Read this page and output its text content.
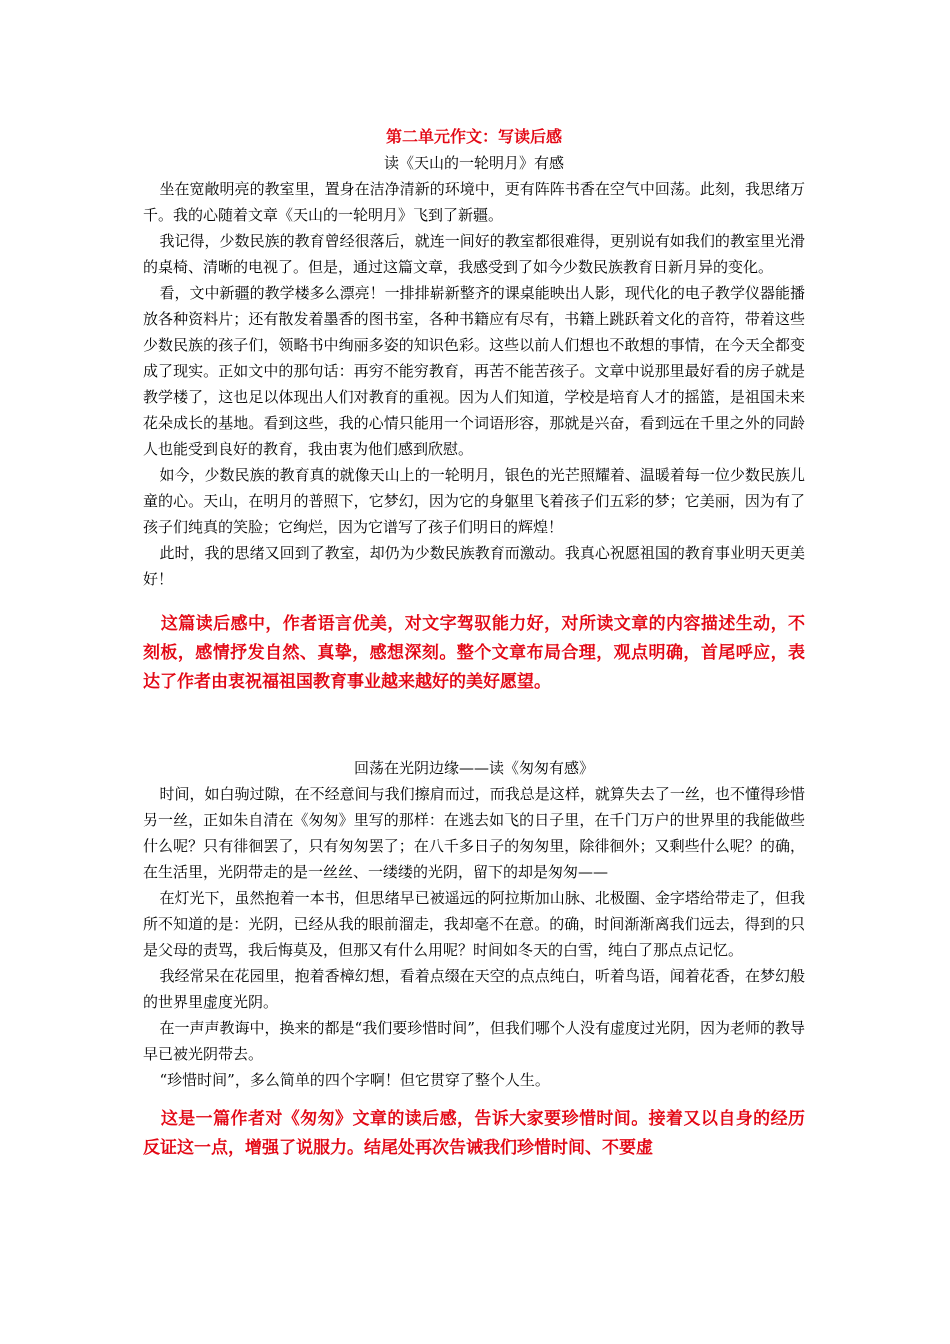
第二单元作文：写读后感

读《天山的一轮明月》有感

坐在宽敞明亮的教室里，置身在洁净清新的环境中，更有阵阵书香在空气中回荡。此刻，我思绪万千。我的心随着文章《天山的一轮明月》飞到了新疆。

我记得，少数民族的教育曾经很落后，就连一间好的教室都很难得，更别说有如我们的教室里光滑的桌椅、清晰的电视了。但是，通过这篇文章，我感受到了如今少数民族教育日新月异的变化。

看，文中新疆的教学楼多么漂亮！一排排崭新整齐的课桌能映出人影，现代化的电子教学仪器能播放各种资料片；还有散发着墨香的图书室，各种书籍应有尽有，书籍上跳跃着文化的音符，带着这些少数民族的孩子们，领略书中绚丽多姿的知识色彩。这些以前人们想也不敢想的事情，在今天全都变成了现实。正如文中的那句话：再穷不能穷教育，再苦不能苦孩子。文章中说那里最好看的房子就是教学楼了，这也足以体现出人们对教育的重视。因为人们知道，学校是培育人才的摇篮，是祖国未来花朵成长的基地。看到这些，我的心情只能用一个词语形容，那就是兴奋，看到远在千里之外的同龄人也能受到良好的教育，我由衷为他们感到欣慰。

如今，少数民族的教育真的就像天山上的一轮明月，银色的光芒照耀着、温暖着每一位少数民族儿童的心。天山，在明月的普照下，它梦幻，因为它的身躯里飞着孩子们五彩的梦；它美丽，因为有了孩子们纯真的笑脸；它绚烂，因为它谱写了孩子们明日的辉煌！

此时，我的思绪又回到了教室，却仍为少数民族教育而激动。我真心祝愿祖国的教育事业明天更美好！

这篇读后感中，作者语言优美，对文字驾驭能力好，对所读文章的内容描述生动，不刻板，感情抒发自然、真挚，感想深刻。整个文章布局合理，观点明确，首尾呼应，表达了作者由衷祝福祖国教育事业越来越好的美好愿望。

回荡在光阴边缘——读《匆匆有感》

时间，如白驹过隙，在不经意间与我们擦肩而过，而我总是这样，就算失去了一丝，也不懂得珍惜另一丝，正如朱自清在《匆匆》里写的那样：在逃去如飞的日子里，在千门万户的世界里的我能做些什么呢？只有徘徊罢了，只有匆匆罢了；在八千多日子的匆匆里，除徘徊外；又剩些什么呢？的确，在生活里，光阴带走的是一丝丝、一缕缕的光阴，留下的却是匆匆——

在灯光下，虽然抱着一本书，但思绪早已被遥远的阿拉斯加山脉、北极圈、金字塔给带走了，但我所不知道的是：光阴，已经从我的眼前溜走，我却毫不在意。的确，时间渐渐离我们远去，得到的只是父母的责骂，我后悔莫及，但那又有什么用呢？时间如冬天的白雪，纯白了那点点记忆。

我经常呆在花园里，抱着香樟幻想，看着点缀在天空的点点纯白，听着鸟语，闻着花香，在梦幻般的世界里虚度光阴。

在一声声教诲中，换来的都是“我们要珍惜时间”，但我们哪个人没有虚度过光阴，因为老师的教导早已被光阴带去。

“珍惜时间”，多么简单的四个字啊！但它贯穿了整个人生。

这是一篇作者对《匆匆》文章的读后感，告诉大家要珍惜时间。接着又以自身的经历反证这一点，增强了说服力。结尾处再次告诫我们珍惜时间、不要虚
